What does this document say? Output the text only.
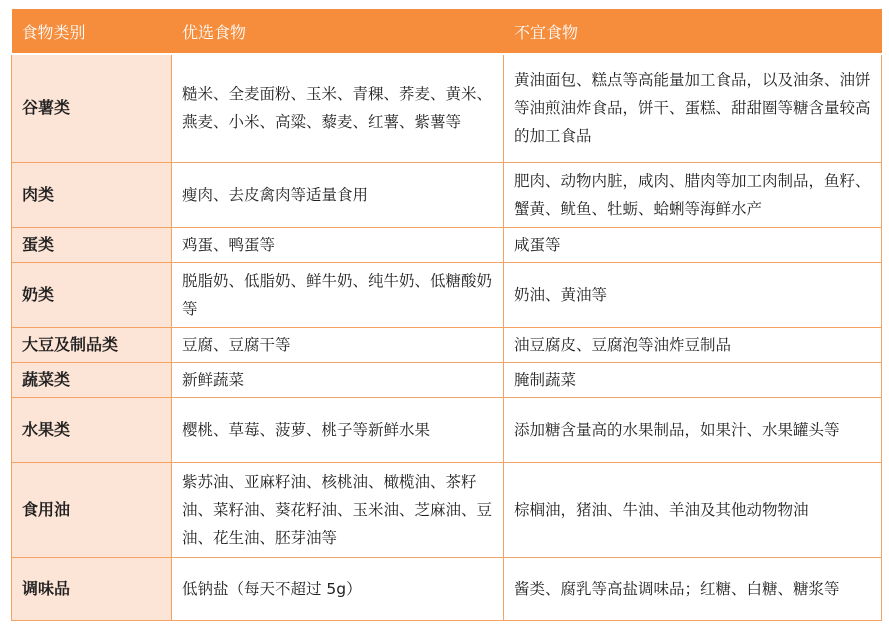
食物类别	优选食物	不宜食物
谷薯类	糙米、全麦面粉、玉米、青稞、荞麦、黄米、燕麦、小米、高粱、藜麦、红薯、紫薯等	黄油面包、糕点等高能量加工食品，以及油条、油饼等油煎油炸食品，饼干、蛋糕、甜甜圈等糖含量较高的加工食品
肉类	瘦肉、去皮禽肉等适量食用	肥肉、动物内脏，咸肉、腊肉等加工肉制品，鱼籽、蟹黄、鱿鱼、牡蛎、蛤蜊等海鲜水产
蛋类	鸡蛋、鸭蛋等	咸蛋等
奶类	脱脂奶、低脂奶、鲜牛奶、纯牛奶、低糖酸奶等	奶油、黄油等
大豆及制品类	豆腐、豆腐干等	油豆腐皮、豆腐泡等油炸豆制品
蔬菜类	新鲜蔬菜	腌制蔬菜
水果类	樱桃、草莓、菠萝、桃子等新鲜水果	添加糖含量高的水果制品，如果汁、水果罐头等
食用油	紫苏油、亚麻籽油、核桃油、橄榄油、茶籽油、菜籽油、葵花籽油、玉米油、芝麻油、豆油、花生油、胚芽油等	棕榈油，猪油、牛油、羊油及其他动物物油
调味品	低钠盐（每天不超过 5g）	酱类、腐乳等高盐调味品；红糖、白糖、糖浆等
